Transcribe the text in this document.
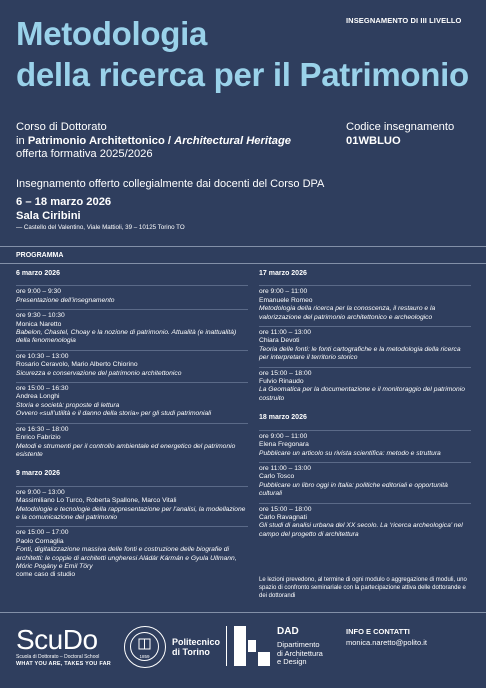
INSEGNAMENTO DI III LIVELLO
Metodologia
della ricerca per il Patrimonio
Corso di Dottorato
in Patrimonio Architettonico / Architectural Heritage
offerta formativa 2025/2026
Codice insegnamento
01WBLUO
Insegnamento offerto collegialmente dai docenti del Corso DPA
6 – 18 marzo 2026
Sala Ciribini
— Castello del Valentino, Viale Mattioli, 39 – 10125 Torino TO
PROGRAMMA
6 marzo 2026
ore 9:00 – 9:30
Presentazione dell’insegnamento
ore 9:30 – 10:30
Monica Naretto
Babelon, Chastel, Choay e la nozione di patrimonio. Attualità (e inattualità) della fenomenologia
ore 10:30 – 13:00
Rosario Ceravolo, Mario Alberto Chiorino
Sicurezza e conservazione del patrimonio architettonico
ore 15:00 – 16:30
Andrea Longhi
Storia e società: proposte di lettura
Ovvero «sull’utilità e il danno della storia» per gli studi patrimoniali
ore 16:30 – 18:00
Enrico Fabrizio
Metodi e strumenti per il controllo ambientale ed energetico del patrimonio esistente
9 marzo 2026
ore 9:00 – 13:00
Massimiliano Lo Turco, Roberta Spallone, Marco Vitali
Metodologie e tecnologie della rappresentazione per l’analisi, la modellazione e la comunicazione del patrimonio
ore 15:00 – 17:00
Paolo Cornaglia
Fonti, digitalizzazione massiva delle fonti e costruzione delle biografie di architetti: le coppie di architetti ungheresi Aládár Kármán e Gyula Ullmann, Móric Pogány e Emil Töry
come caso di studio
17 marzo 2026
ore 9:00 – 11:00
Emanuele Romeo
Metodologia della ricerca per la conoscenza, il restauro e la valorizzazione del patrimonio architettonico e archeologico
ore 11:00 – 13:00
Chiara Devoti
Teoria delle fonti: le fonti cartografiche e la metodologia della ricerca per interpretare il territorio storico
ore 15:00 – 18:00
Fulvio Rinaudo
La Geomatica per la documentazione e il monitoraggio del patrimonio costruito
18 marzo 2026
ore 9:00 – 11:00
Elena Fregonara
Pubblicare un articolo su rivista scientifica: metodo e struttura
ore 11:00 – 13:00
Carlo Tosco
Pubblicare un libro oggi in Italia: politiche editoriali e opportunità culturali
ore 15:00 – 18:00
Carlo Ravagnati
Gli studi di analisi urbana del XX secolo. La ‘ricerca archeologica’ nel campo del progetto di architettura
Le lezioni prevedono, al termine di ogni modulo o aggregazione di moduli, uno spazio di confronto seminariale con la partecipazione attiva delle dottorande e dei dottorandi
ScuDo
Scuola di Dottorato – Doctoral School
WHAT YOU ARE, TAKES YOU FAR
1859
Politecnico
di Torino
DAD
Dipartimento
di Architettura
e Design
INFO E CONTATTI
monica.naretto@polito.it
